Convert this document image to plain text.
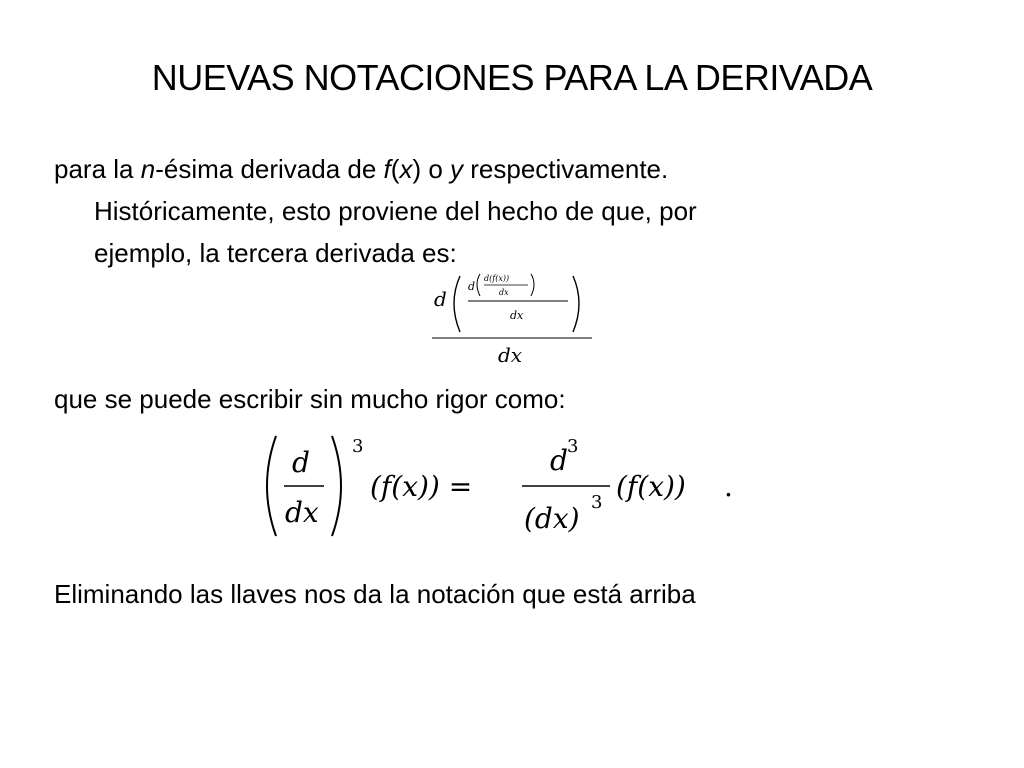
NUEVAS NOTACIONES PARA LA DERIVADA
para la n-ésima derivada de f(x) o y respectivamente.
Históricamente, esto proviene del hecho de que, por
ejemplo, la tercera derivada es:
d
d
d(f(x))
dx
dx
dx
que se puede escribir sin mucho rigor como:
d
dx
3
(f(x)) =
d 3
(dx) 3 (f(x)) .
Eliminando las llaves nos da la notación que está arriba
